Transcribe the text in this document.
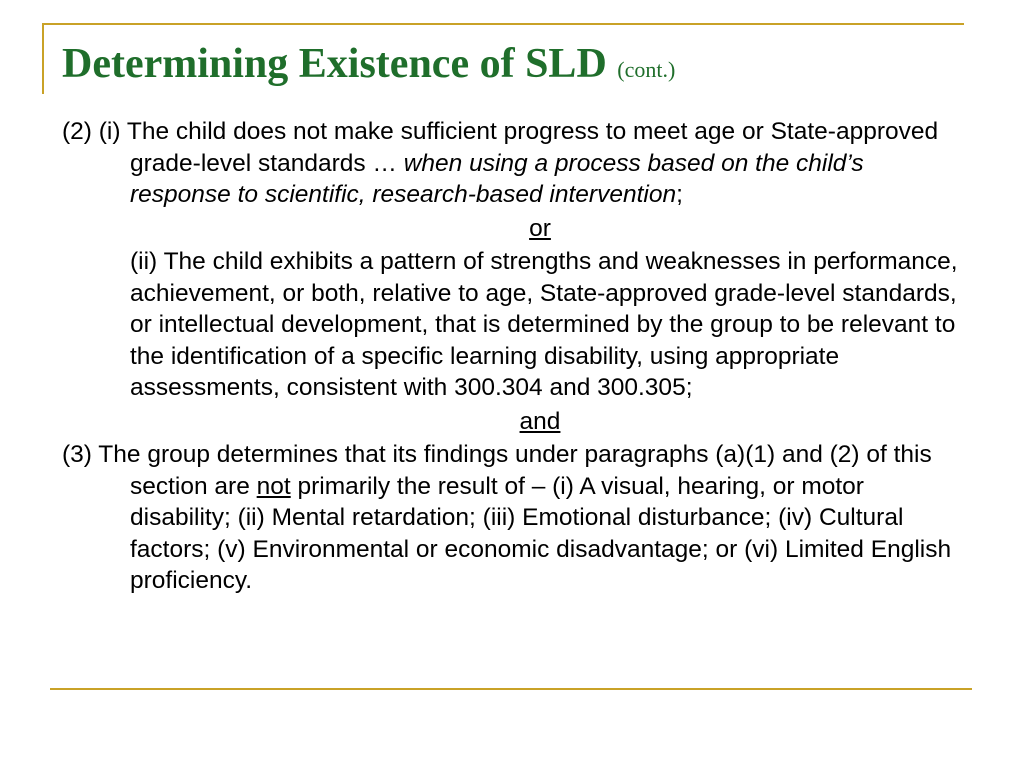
Determining Existence of SLD (cont.)

(2) (i) The child does not make sufficient progress to meet age or State-approved grade-level standards … when using a process based on the child’s response to scientific, research-based intervention;

or

(ii) The child exhibits a pattern of strengths and weaknesses in performance, achievement, or both, relative to age, State-approved grade-level standards, or intellectual development, that is determined by the group to be relevant to the identification of a specific learning disability, using appropriate assessments, consistent with 300.304 and 300.305;

and

(3) The group determines that its findings under paragraphs (a)(1) and (2) of this section are not primarily the result of – (i) A visual, hearing, or motor disability; (ii) Mental retardation; (iii) Emotional disturbance; (iv) Cultural factors; (v) Environmental or economic disadvantage; or (vi) Limited English proficiency.
